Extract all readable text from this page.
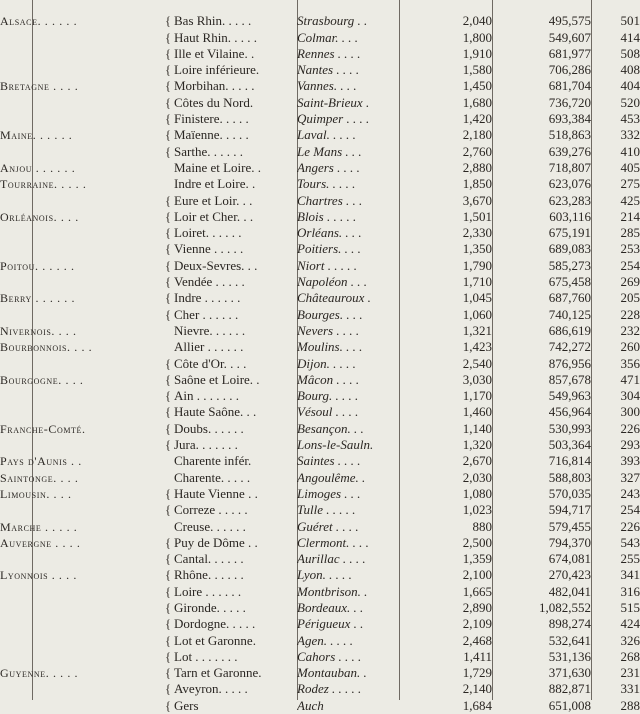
Alsace. . . . . .	{	Bas Rhin. . . . .	Strasbourg . .	2,040	495,575	501
	{	Haut Rhin. . . . .	Colmar. . . .	1,800	549,607	414
	{	Ille et Vilaine. .	Rennes . . . .	1,910	681,977	508
	{	Loire inférieure.	Nantes . . . .	1,580	706,286	408
Bretagne . . . .	{	Morbihan. . . . .	Vannes. . . .	1,450	681,704	404
	{	Côtes du Nord.	Saint-Brieux .	1,680	736,720	520
	{	Finistere. . . . .	Quimper . . . .	1,420	693,384	453
Maine. . . . . .	{	Maïenne. . . . .	Laval. . . . .	2,180	518,863	332
	{	Sarthe. . . . . .	Le Mans . . .	2,760	639,276	410
Anjou . . . . . .		Maine et Loire. .	Angers . . . .	2,880	718,807	405
Tourraine. . . . .		Indre et Loire. .	Tours. . . . .	1,850	623,076	275
	{	Eure et Loir. . .	Chartres . . .	3,670	623,283	425
Orléanois. . . .	{	Loir et Cher. . .	Blois . . . . .	1,501	603,116	214
	{	Loiret. . . . . .	Orléans. . . .	2,330	675,191	285
	{	Vienne . . . . .	Poitiers. . . .	1,350	689,083	253
Poitou. . . . . .	{	Deux-Sevres. . .	Niort . . . . .	1,790	585,273	254
	{	Vendée . . . . .	Napoléon . . .	1,710	675,458	269
Berry . . . . . .	{	Indre . . . . . .	Châteauroux .	1,045	687,760	205
	{	Cher . . . . . .	Bourges. . . .	1,060	740,125	228
Nivernois. . . .		Nievre. . . . . .	Nevers . . . .	1,321	686,619	232
Bourbonnois. . . .		Allier . . . . . .	Moulins. . . .	1,423	742,272	260
	{	Côte d'Or. . . .	Dijon. . . . .	2,540	876,956	356
Bourgogne. . . .	{	Saône et Loire. .	Mâcon . . . .	3,030	857,678	471
	{	Ain . . . . . . .	Bourg. . . . .	1,170	549,963	304
	{	Haute Saône. . .	Vésoul . . . .	1,460	456,964	300
Franche-Comté.	{	Doubs. . . . . .	Besançon. . .	1,140	530,993	226
	{	Jura. . . . . . .	Lons-le-Sauln.	1,320	503,364	293
Pays d'Aunis . .		Charente infér.	Saintes . . . .	2,670	716,814	393
Saintonge. . . .		Charente. . . . .	Angoulême. .	2,030	588,803	327
Limousin. . . .	{	Haute Vienne . .	Limoges . . .	1,080	570,035	243
	{	Correze . . . . .	Tulle . . . . .	1,023	594,717	254
Marche . . . . .		Creuse. . . . . .	Guéret . . . .	880	579,455	226
Auvergne . . . .	{	Puy de Dôme . .	Clermont. . . .	2,500	794,370	543
	{	Cantal. . . . . .	Aurillac . . . .	1,359	674,081	255
Lyonnois . . . .	{	Rhône. . . . . .	Lyon. . . . .	2,100	270,423	341
	{	Loire . . . . . .	Montbrison. .	1,665	482,041	316
	{	Gironde. . . . .	Bordeaux. . .	2,890	1,082,552	515
	{	Dordogne. . . . .	Périgueux . .	2,109	898,274	424
	{	Lot et Garonne.	Agen. . . . .	2,468	532,641	326
	{	Lot . . . . . . .	Cahors . . . .	1,411	531,136	268
Guyenne. . . . .	{	Tarn et Garonne.	Montauban. .	1,729	371,630	231
	{	Aveyron. . . . .	Rodez . . . . .	2,140	882,871	331
	{	Gers	Auch	1,684	651,008	288
